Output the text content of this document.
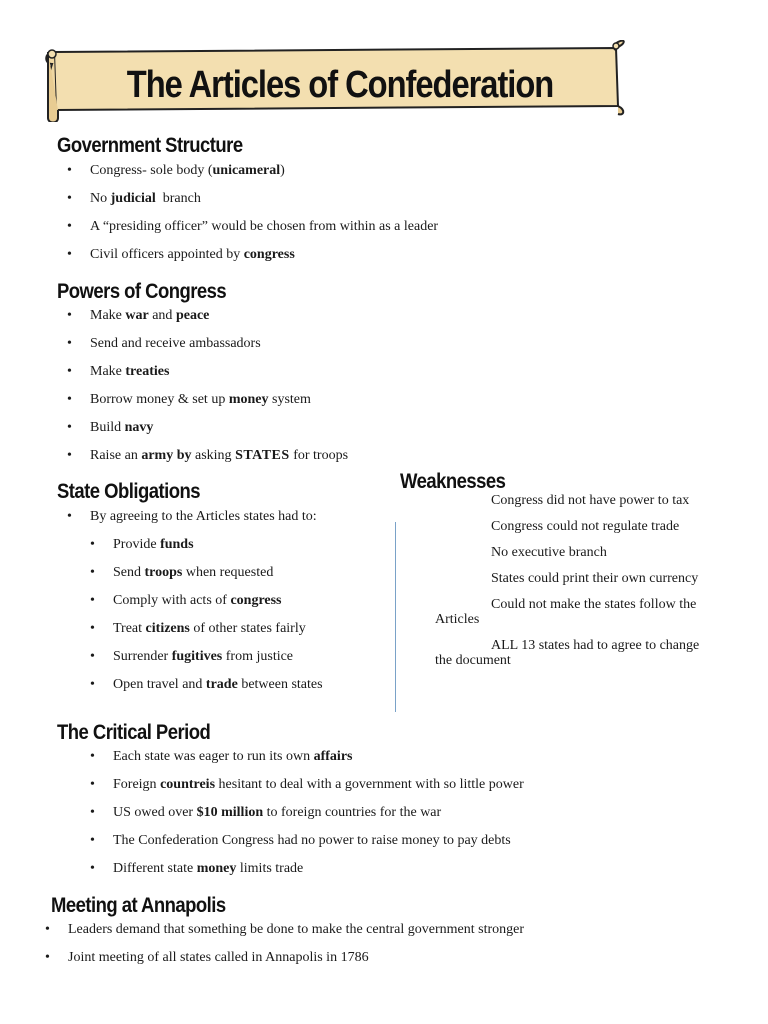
The Articles of Confederation
Government Structure
• Congress- sole body (unicameral)
• No judicial  branch
• A “presiding officer” would be chosen from within as a leader
• Civil officers appointed by congress
Powers of Congress
• Make war and peace
• Send and receive ambassadors
• Make treaties
• Borrow money & set up money system
• Build navy
• Raise an army by asking STATES for troops
State Obligations
• By agreeing to the Articles states had to:
• Provide funds
• Send troops when requested
• Comply with acts of congress
• Treat citizens of other states fairly
• Surrender fugitives from justice
• Open travel and trade between states
Weaknesses
Congress did not have power to tax
Congress could not regulate trade
No executive branch
States could print their own currency
Could not make the states follow the
Articles
ALL 13 states had to agree to change
the document
The Critical Period
• Each state was eager to run its own affairs
• Foreign countreis hesitant to deal with a government with so little power
• US owed over $10 million to foreign countries for the war
• The Confederation Congress had no power to raise money to pay debts
• Different state money limits trade
Meeting at Annapolis
• Leaders demand that something be done to make the central government stronger
• Joint meeting of all states called in Annapolis in 1786
